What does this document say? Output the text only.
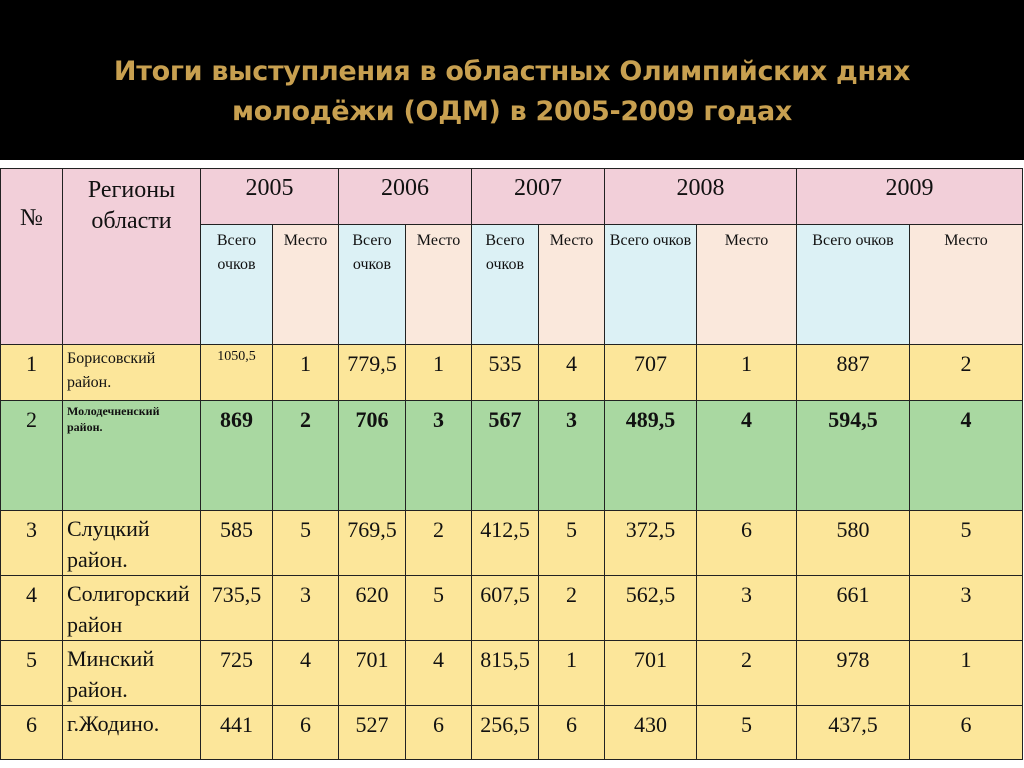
Итоги выступления в областных Олимпийских днях
молодёжи (ОДМ) в 2005-2009 годах
№	Регионы области	2005		2006		2007		2008		2009	
		Всего очков	Место	Всего очков	Место	Всего очков	Место	Всего очков	Место	Всего очков	Место
1	Борисовский район.	1050,5	1	779,5	1	535	4	707	1	887	2
2	Молодечненский район.	869	2	706	3	567	3	489,5	4	594,5	4
3	Слуцкий район.	585	5	769,5	2	412,5	5	372,5	6	580	5
4	Солигорский район	735,5	3	620	5	607,5	2	562,5	3	661	3
5	Минский район.	725	4	701	4	815,5	1	701	2	978	1
6	г.Жодино.	441	6	527	6	256,5	6	430	5	437,5	6
